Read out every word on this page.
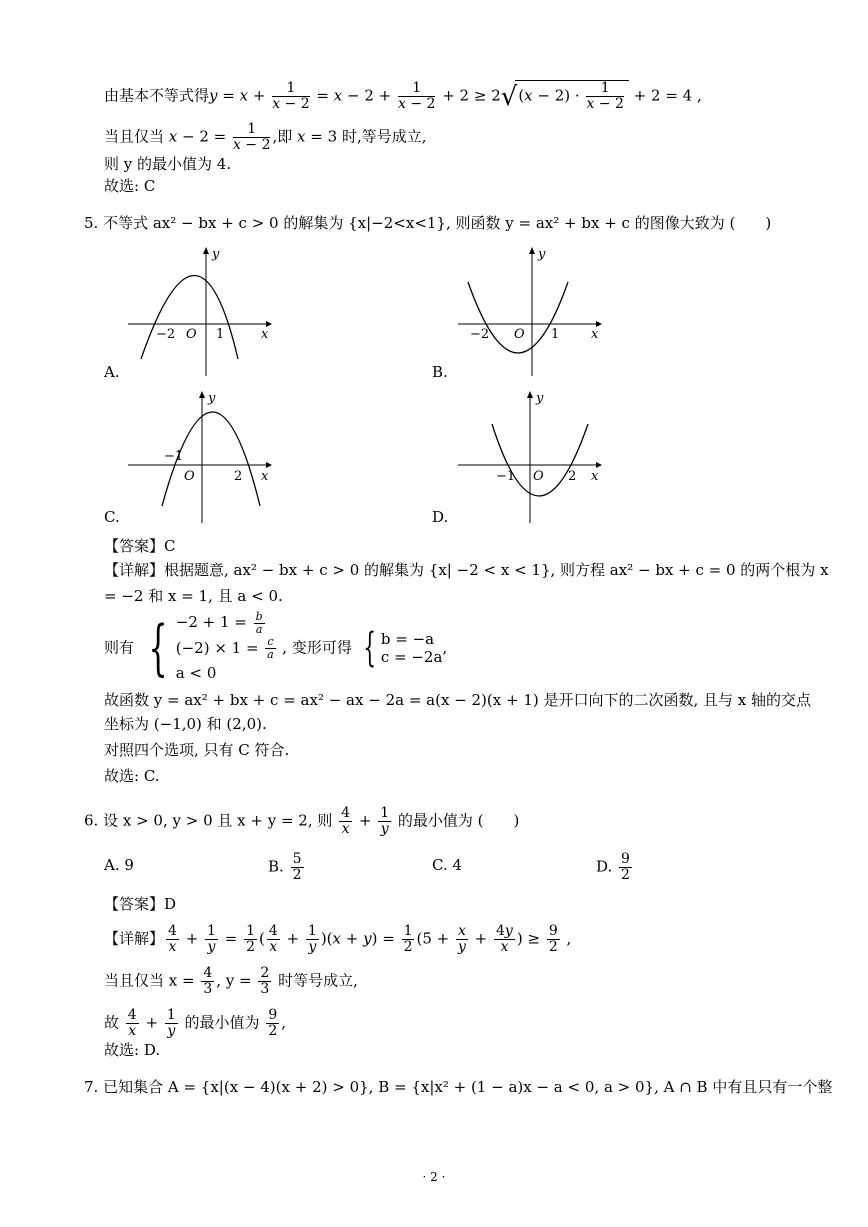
由基本不等式得$y = x + \frac{1}{x - 2} = x - 2 + \frac{1}{x - 2} + 2 \ge 2√(x - 2) \cdot \frac{1}{x - 2} + 2 = 4$ ,
当且仅当 $x - 2 = \frac{1}{x - 2}$ ,即 x = 3 时,等号成立,
则 y 的最小值为 4.
故选: C
5. 不等式 ax² − bx + c > 0 的解集为 {x|−2<x<1}, 则函数 y = ax² + bx + c 的图像大致为 (　　)
−2 O 1	x
y
A.
−2 O 1 x
y
B.
−1
O	2 x
y
C.
−1 O 2 x
y
D.
【答案】C
【详解】根据题意, ax² − bx + c > 0 的解集为 {x| −2 < x < 1}, 则方程 ax² − bx + c = 0 的两个根为 x
= −2 和 x = 1, 且 a < 0.
则有 { $-2 + 1 = \frac{b}{a}$

$(-2) \times 1 = \frac{c}{a}$

a < 0 , 变形可得 { b = −a
c = −2a,
故函数 y = ax² + bx + c = ax² − ax − 2a = a(x − 2)(x + 1) 是开口向下的二次函数, 且与 x 轴的交点
坐标为 (−1,0) 和 (2,0).
对照四个选项, 只有 C 符合.
故选: C.
6. 设 x > 0, y > 0 且 x + y = 2, 则 $\frac{4}{x} + \frac{1}{y}$ 的最小值为 (　　)
A. 9	B. $\frac{5}{2}$	C. 4	D. $\frac{9}{2}$
【答案】D
【详解】 $\frac{4}{x} + \frac{1}{y} = \frac{1}{2}$ ( $\frac{4}{x} + \frac{1}{y} )(x + y) = \frac{1}{2} (5 + \frac{x}{y} + \frac{4y}{x}$ ) ≥ $\frac{9}{2}$ ,
当且仅当 $x = \frac{4}{3}$ , $y = \frac{2}{3}$ 时等号成立,
故 $\frac{4}{x} + \frac{1}{y}$ 的最小值为 $\frac{9}{2}$ ,
故选: D.
7. 已知集合 A = {x|(x − 4)(x + 2) > 0}, B = {x|x² + (1 − a)x − a < 0, a > 0}, A ∩ B 中有且只有一个整
· 2 ·
